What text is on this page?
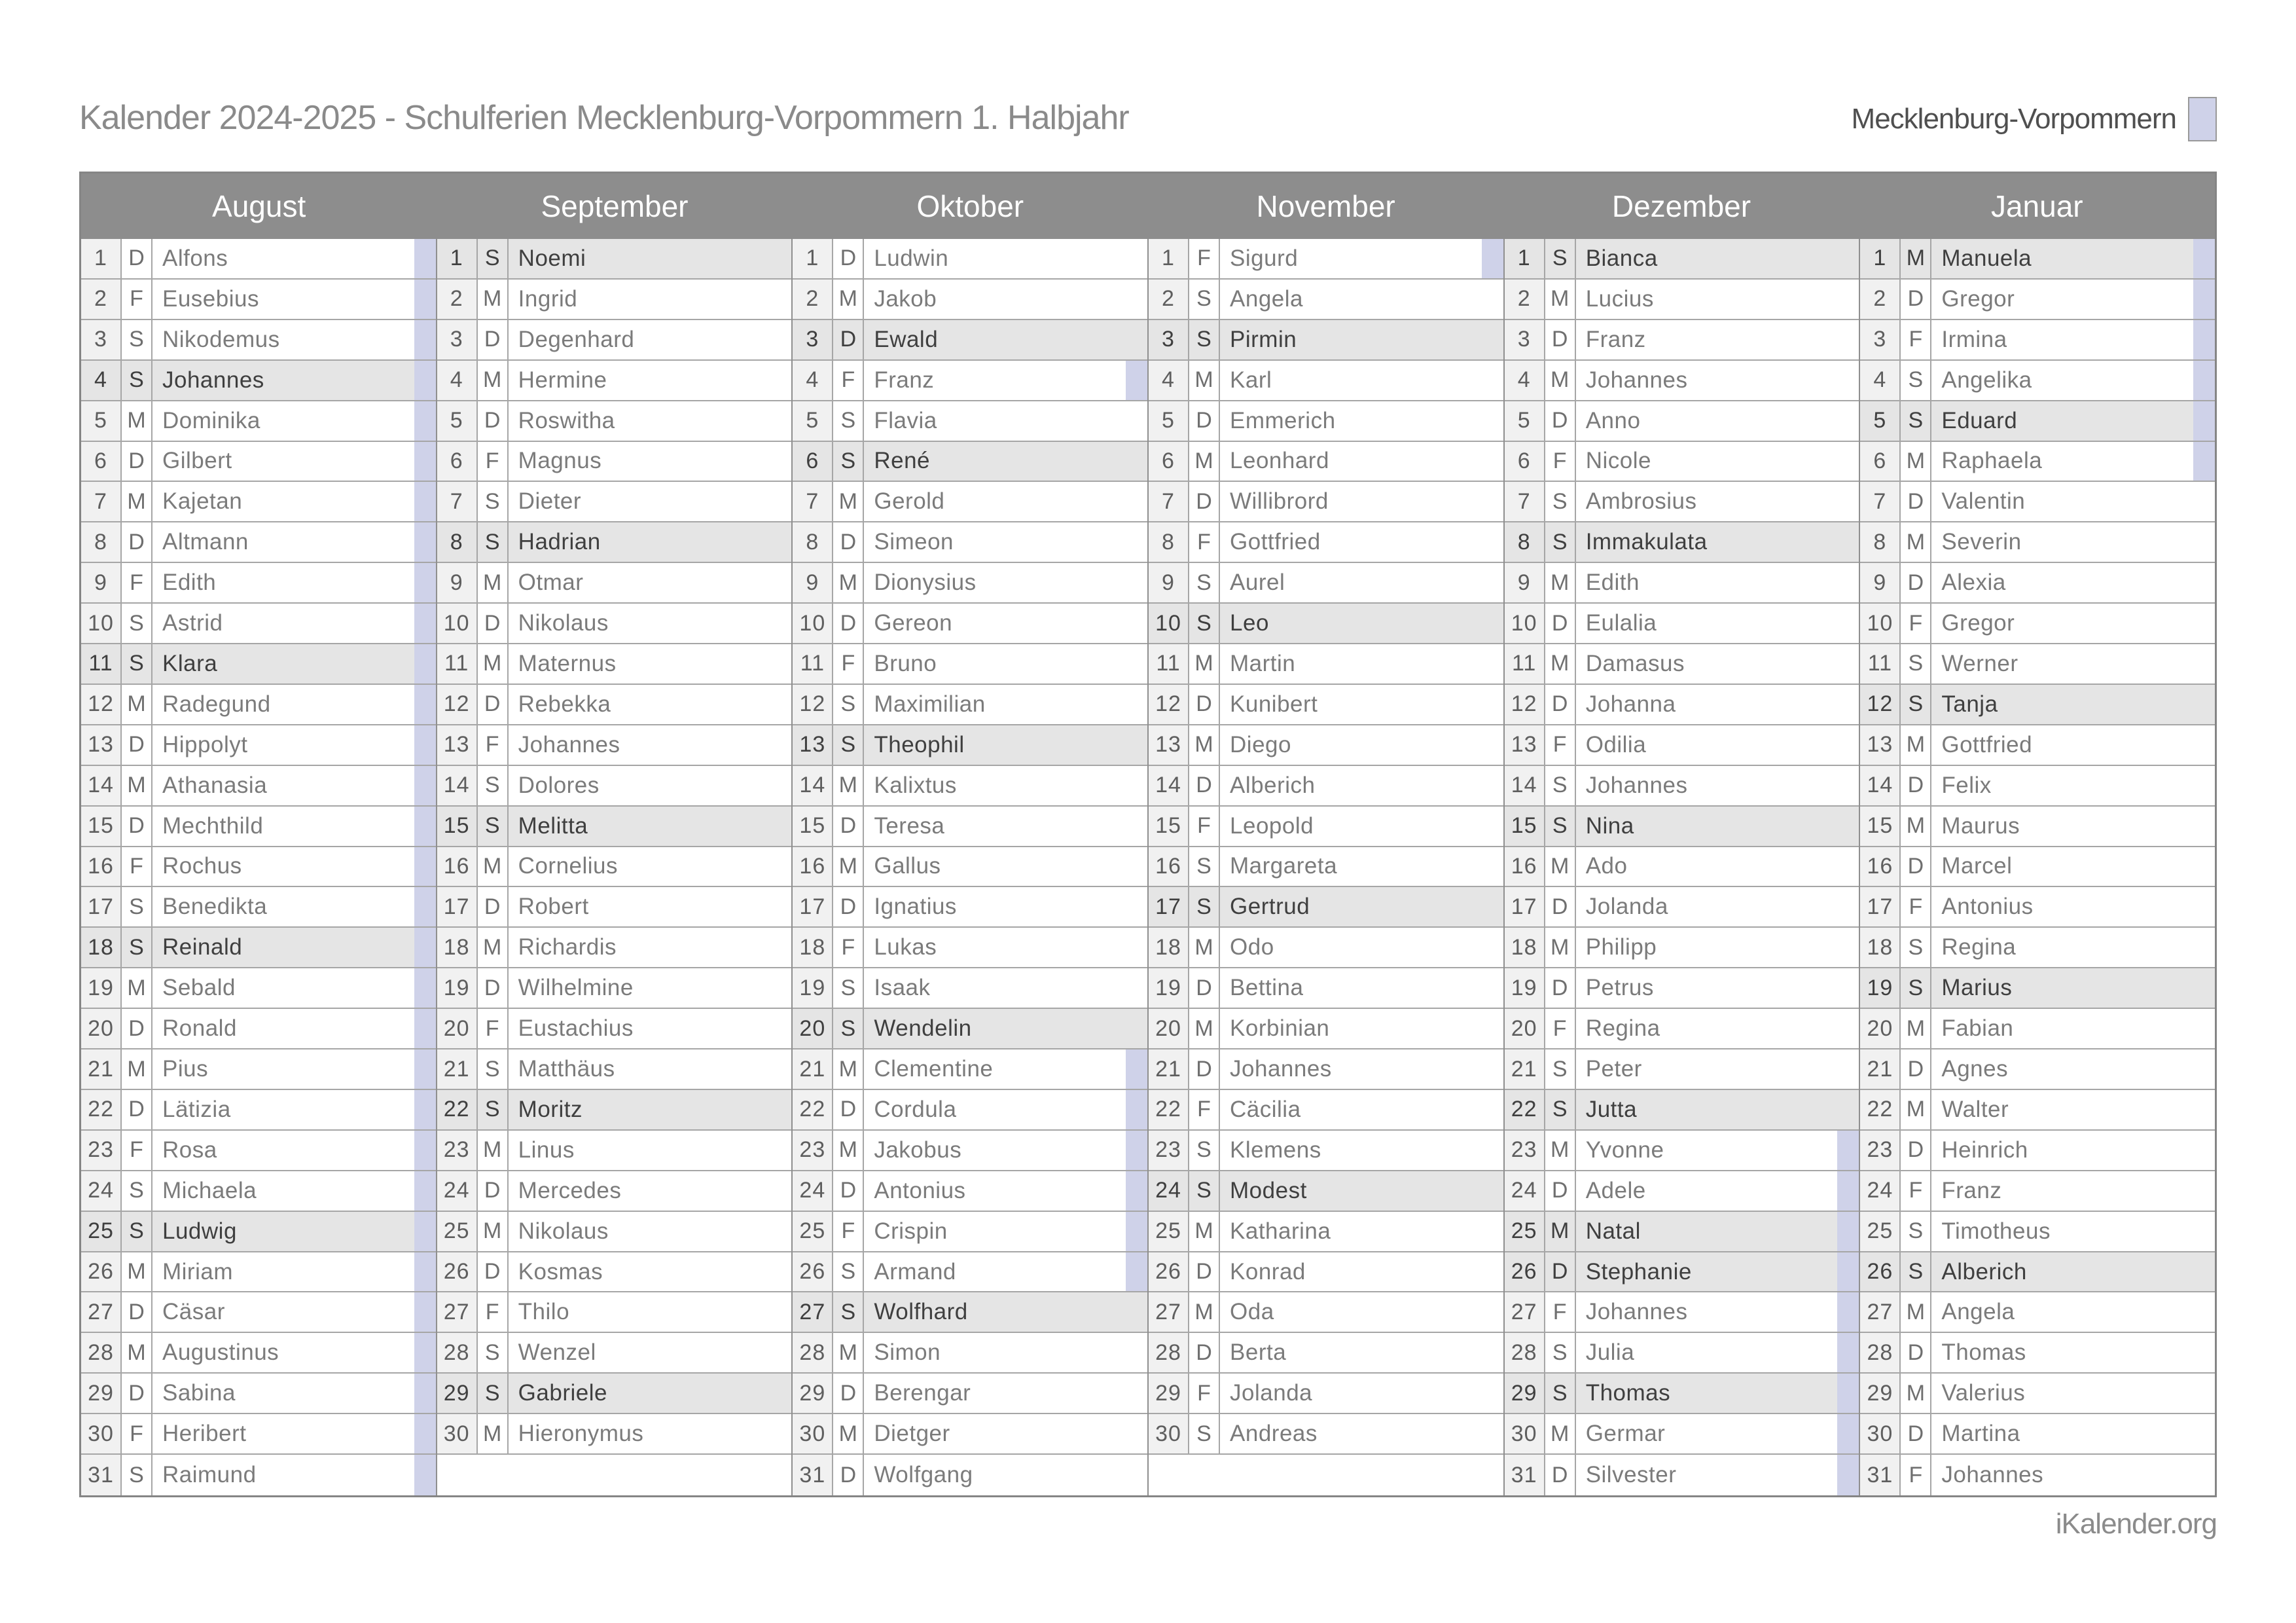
Kalender 2024-2025 - Schulferien Mecklenburg-Vorpommern 1. Halbjahr	Mecklenburg-Vorpommern
August	September	Oktober	November	Dezember	Januar
1 D Alfons
2	F Eusebius
3 S Nikodemus
4 S Johannes
5 M Dominika
6 D Gilbert
7 M Kajetan
8 D Altmann
9	F Edith
10 S Astrid
11 S Klara
12 M Radegund
13 D Hippolyt
14 M Athanasia
15 D Mechthild
16 F Rochus
17 S Benedikta
18 S Reinald
19 M Sebald
20 D Ronald
21 M Pius
22 D Lätizia
23 F Rosa
24 S Michaela
25 S Ludwig
26 M Miriam
27 D Cäsar
28 M Augustinus
29 D Sabina
30 F Heribert
31 S Raimund
1 S Noemi
2 M Ingrid
3 D Degenhard
4 M Hermine
5 D Roswitha
6	F Magnus
7 S Dieter
8 S Hadrian
9 M Otmar
10 D Nikolaus
11 M Maternus
12 D Rebekka
13 F Johannes
14 S Dolores
15 S Melitta
16 M Cornelius
17 D Robert
18 M Richardis
19 D Wilhelmine
20 F Eustachius
21 S Matthäus
22 S Moritz
23 M Linus
24 D Mercedes
25 M Nikolaus
26 D Kosmas
27 F Thilo
28 S Wenzel
29 S Gabriele
30 M Hieronymus
1 D Ludwin
2 M Jakob
3 D Ewald
4	F Franz
5 S Flavia
6 S René
7 M Gerold
8 D Simeon
9 M Dionysius
10 D Gereon
11 F Bruno
12 S Maximilian
13 S Theophil
14 M Kalixtus
15 D Teresa
16 M Gallus
17 D Ignatius
18 F Lukas
19 S Isaak
20 S Wendelin
21 M Clementine
22 D Cordula
23 M Jakobus
24 D Antonius
25 F Crispin
26 S Armand
27 S Wolfhard
28 M Simon
29 D Berengar
30 M Dietger
31 D Wolfgang
1	F Sigurd
2 S Angela
3 S Pirmin
4 M Karl
5 D Emmerich
6 M Leonhard
7 D Willibrord
8	F Gottfried
9 S Aurel
10 S Leo
11 M Martin
12 D Kunibert
13 M Diego
14 D Alberich
15 F Leopold
16 S Margareta
17 S Gertrud
18 M Odo
19 D Bettina
20 M Korbinian
21 D Johannes
22 F Cäcilia
23 S Klemens
24 S Modest
25 M Katharina
26 D Konrad
27 M Oda
28 D Berta
29 F Jolanda
30 S Andreas
1 S Bianca
2 M Lucius
3 D Franz
4 M Johannes
5 D Anno
6	F Nicole
7 S Ambrosius
8 S Immakulata
9 M Edith
10 D Eulalia
11 M Damasus
12 D Johanna
13 F Odilia
14 S Johannes
15 S Nina
16 M Ado
17 D Jolanda
18 M Philipp
19 D Petrus
20 F Regina
21 S Peter
22 S Jutta
23 M Yvonne
24 D Adele
25 M Natal
26 D Stephanie
27 F Johannes
28 S Julia
29 S Thomas
30 M Germar
31 D Silvester
1 M Manuela
2 D Gregor
3	F Irmina
4 S Angelika
5 S Eduard
6 M Raphaela
7 D Valentin
8 M Severin
9 D Alexia
10 F Gregor
11 S Werner
12 S Tanja
13 M Gottfried
14 D Felix
15 M Maurus
16 D Marcel
17 F Antonius
18 S Regina
19 S Marius
20 M Fabian
21 D Agnes
22 M Walter
23 D Heinrich
24 F Franz
25 S Timotheus
26 S Alberich
27 M Angela
28 D Thomas
29 M Valerius
30 D Martina
31 F Johannes
iKalender.org
